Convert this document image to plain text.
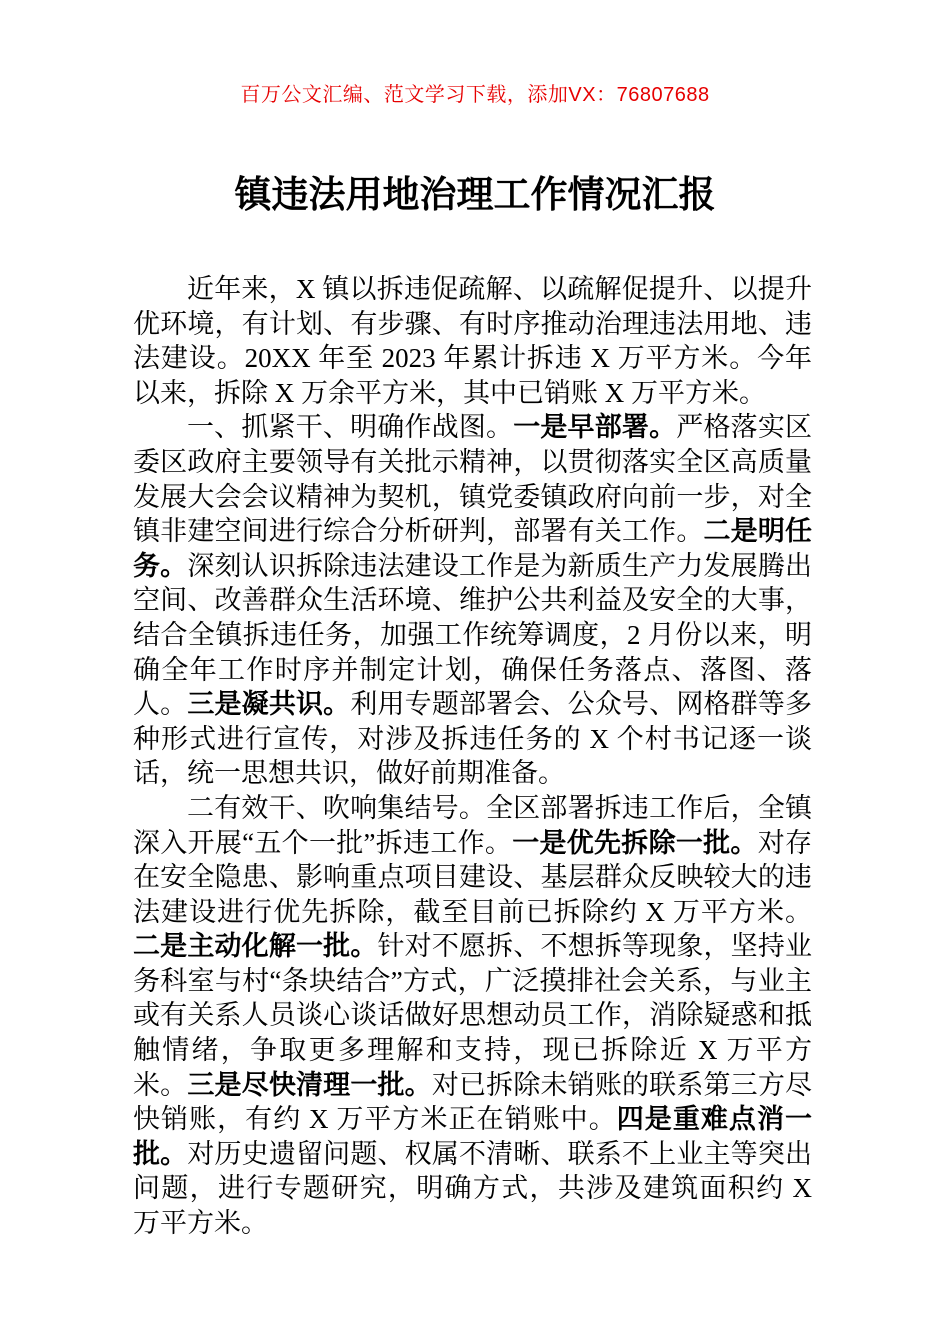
百万公文汇编、范文学习下载，添加VX：76807688

镇违法用地治理工作情况汇报

近年来，X 镇以拆违促疏解、以疏解促提升、以提升优环境，有计划、有步骤、有时序推动治理违法用地、违法建设。20XX 年至 2023 年累计拆违 X 万平方米。今年以来，拆除 X 万余平方米，其中已销账 X 万平方米。

一、抓紧干、明确作战图。一是早部署。严格落实区委区政府主要领导有关批示精神，以贯彻落实全区高质量发展大会会议精神为契机，镇党委镇政府向前一步，对全镇非建空间进行综合分析研判，部署有关工作。二是明任务。深刻认识拆除违法建设工作是为新质生产力发展腾出空间、改善群众生活环境、维护公共利益及安全的大事，结合全镇拆违任务，加强工作统筹调度，2 月份以来，明确全年工作时序并制定计划，确保任务落点、落图、落人。三是凝共识。利用专题部署会、公众号、网格群等多种形式进行宣传，对涉及拆违任务的 X 个村书记逐一谈话，统一思想共识，做好前期准备。

二有效干、吹响集结号。全区部署拆违工作后，全镇深入开展“五个一批”拆违工作。一是优先拆除一批。对存在安全隐患、影响重点项目建设、基层群众反映较大的违法建设进行优先拆除，截至目前已拆除约 X 万平方米。二是主动化解一批。针对不愿拆、不想拆等现象，坚持业务科室与村“条块结合”方式，广泛摸排社会关系，与业主或有关系人员谈心谈话做好思想动员工作，消除疑惑和抵触情绪，争取更多理解和支持，现已拆除近 X 万平方米。三是尽快清理一批。对已拆除未销账的联系第三方尽快销账，有约 X 万平方米正在销账中。四是重难点消一批。对历史遗留问题、权属不清晰、联系不上业主等突出问题，进行专题研究，明确方式，共涉及建筑面积约 X 万平方米。
